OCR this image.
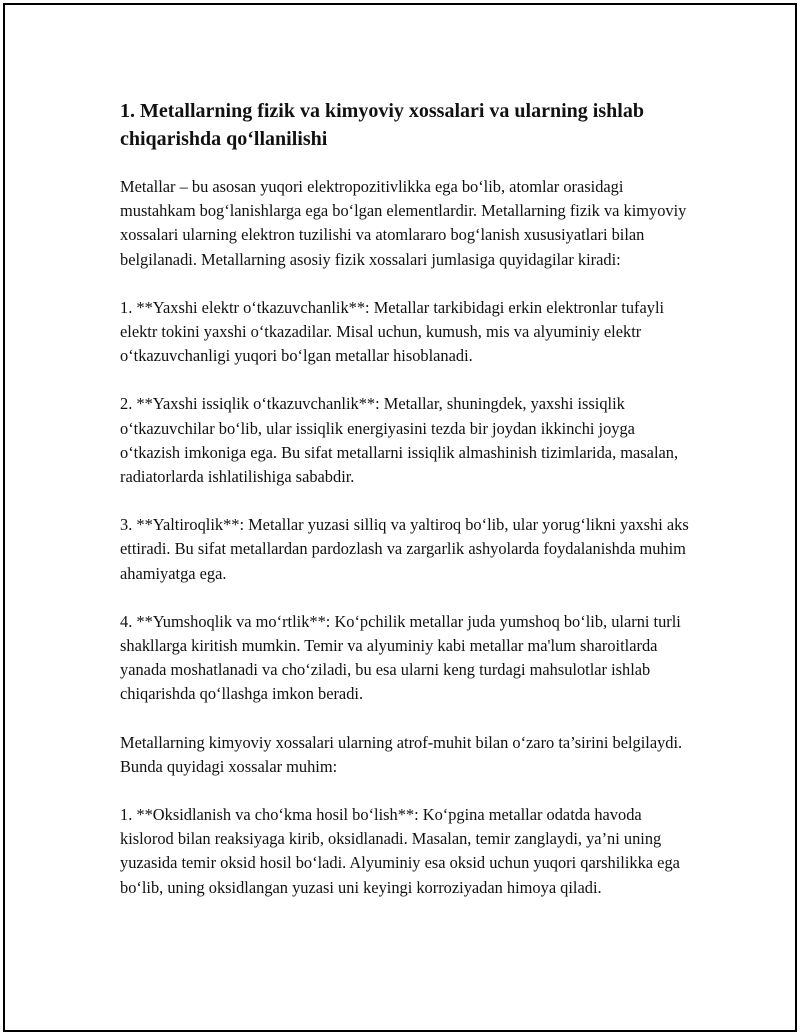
1. Metallarning fizik va kimyoviy xossalari va ularning ishlab chiqarishda qo‘llanilishi

Metallar – bu asosan yuqori elektropozitivlikka ega bo‘lib, atomlar orasidagi mustahkam bog‘lanishlarga ega bo‘lgan elementlardir. Metallarning fizik va kimyoviy xossalari ularning elektron tuzilishi va atomlararo bog‘lanish xususiyatlari bilan belgilanadi. Metallarning asosiy fizik xossalari jumlasiga quyidagilar kiradi:

1. **Yaxshi elektr o‘tkazuvchanlik**: Metallar tarkibidagi erkin elektronlar tufayli elektr tokini yaxshi o‘tkazadilar. Misal uchun, kumush, mis va alyuminiy elektr o‘tkazuvchanligi yuqori bo‘lgan metallar hisoblanadi.

2. **Yaxshi issiqlik o‘tkazuvchanlik**: Metallar, shuningdek, yaxshi issiqlik o‘tkazuvchilar bo‘lib, ular issiqlik energiyasini tezda bir joydan ikkinchi joyga o‘tkazish imkoniga ega. Bu sifat metallarni issiqlik almashinish tizimlarida, masalan, radiatorlarda ishlatilishiga sababdir.

3. **Yaltiroqlik**: Metallar yuzasi silliq va yaltiroq bo‘lib, ular yorug‘likni yaxshi aks ettiradi. Bu sifat metallardan pardozlash va zargarlik ashyolarda foydalanishda muhim ahamiyatga ega.

4. **Yumshoqlik va mo‘rtlik**: Ko‘pchilik metallar juda yumshoq bo‘lib, ularni turli shakllarga kiritish mumkin. Temir va alyuminiy kabi metallar ma'lum sharoitlarda yanada moshatlanadi va cho‘ziladi, bu esa ularni keng turdagi mahsulotlar ishlab chiqarishda qo‘llashga imkon beradi.

Metallarning kimyoviy xossalari ularning atrof-muhit bilan o‘zaro ta’sirini belgilaydi. Bunda quyidagi xossalar muhim:

1. **Oksidlanish va cho‘kma hosil bo‘lish**: Ko‘pgina metallar odatda havoda kislorod bilan reaksiyaga kirib, oksidlanadi. Masalan, temir zanglaydi, ya’ni uning yuzasida temir oksid hosil bo‘ladi. Alyuminiy esa oksid uchun yuqori qarshilikka ega bo‘lib, uning oksidlangan yuzasi uni keyingi korroziyadan himoya qiladi.
